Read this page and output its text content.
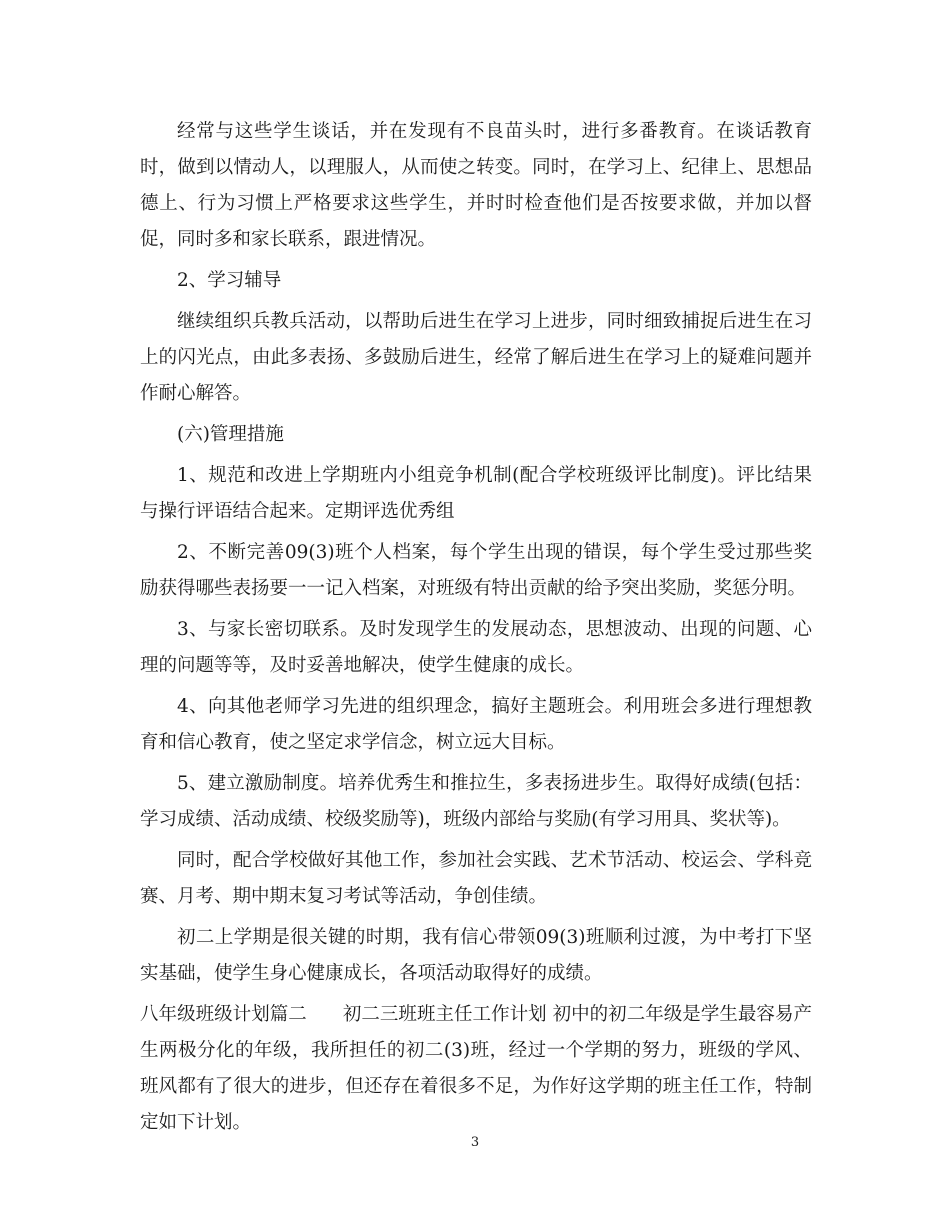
经常与这些学生谈话，并在发现有不良苗头时，进行多番教育。在谈话教育时，做到以情动人，以理服人，从而使之转变。同时，在学习上、纪律上、思想品德上、行为习惯上严格要求这些学生，并时时检查他们是否按要求做，并加以督促，同时多和家长联系，跟进情况。

2、学习辅导

继续组织兵教兵活动，以帮助后进生在学习上进步，同时细致捕捉后进生在习上的闪光点，由此多表扬、多鼓励后进生，经常了解后进生在学习上的疑难问题并作耐心解答。

(六)管理措施

1、规范和改进上学期班内小组竞争机制(配合学校班级评比制度)。评比结果与操行评语结合起来。定期评选优秀组

2、不断完善09(3)班个人档案，每个学生出现的错误，每个学生受过那些奖励获得哪些表扬要一一记入档案，对班级有特出贡献的给予突出奖励，奖惩分明。

3、与家长密切联系。及时发现学生的发展动态，思想波动、出现的问题、心理的问题等等，及时妥善地解决，使学生健康的成长。

4、向其他老师学习先进的组织理念，搞好主题班会。利用班会多进行理想教育和信心教育，使之坚定求学信念，树立远大目标。

5、建立激励制度。培养优秀生和推拉生，多表扬进步生。取得好成绩(包括：学习成绩、活动成绩、校级奖励等)，班级内部给与奖励(有学习用具、奖状等)。

同时，配合学校做好其他工作，参加社会实践、艺术节活动、校运会、学科竞赛、月考、期中期末复习考试等活动，争创佳绩。

初二上学期是很关键的时期，我有信心带领09(3)班顺利过渡，为中考打下坚实基础，使学生身心健康成长，各项活动取得好的成绩。

八年级班级计划篇二 初二三班班主任工作计划 初中的初二年级是学生最容易产生两极分化的年级，我所担任的初二(3)班，经过一个学期的努力，班级的学风、班风都有了很大的进步，但还存在着很多不足，为作好这学期的班主任工作，特制定如下计划。

3
